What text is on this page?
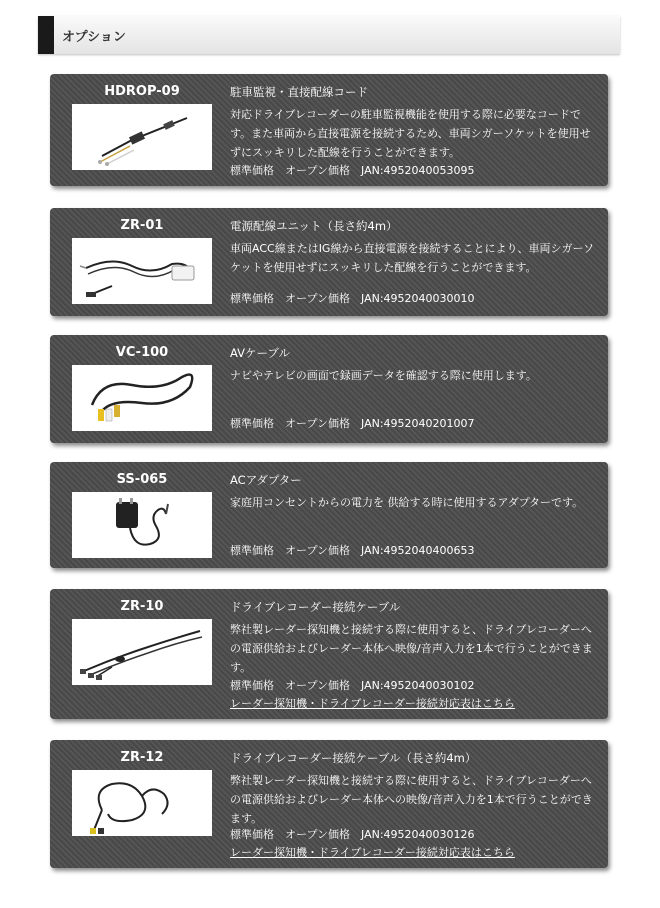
オプション
HDROP-09	駐車監視・直接配線コード
対応ドライブレコーダーの駐車監視機能を使用する際に必要なコードです。また車両から直接電源を接続するため、車両シガーソケットを使用せずにスッキリした配線を行うことができます。
標準価格　オープン価格　 JAN:4952040053095
ZR-01	電源配線ユニット（長さ約4m）
車両ACC線またはIG線から直接電源を接続することにより、車両シガーソケットを使用せずにスッキリした配線を行うことができます。
標準価格　オープン価格　 JAN:4952040030010
VC-100	AVケーブル
ナビやテレビの画面で録画データを確認する際に使用します。
標準価格　オープン価格　 JAN:4952040201007
SS-065	ACアダプター
家庭用コンセントからの電力を 供給する時に使用するアダプターです。
標準価格　オープン価格　 JAN:4952040400653
ZR-10	ドライブレコーダー接続ケーブル
弊社製レーダー探知機と接続する際に使用すると、ドライブレコーダーへの電源供給およびレーダー本体へ映像/音声入力を1本で行うことができます。
標準価格　オープン価格　 JAN:4952040030102
レーダー探知機・ドライブレコーダー接続対応表はこちら
ZR-12	ドライブレコーダー接続ケーブル（長さ約4m）
弊社製レーダー探知機と接続する際に使用すると、ドライブレコーダーへの電源供給およびレーダー本体への映像/音声入力を1本で行うことができます。
標準価格　オープン価格　 JAN:4952040030126
レーダー探知機・ドライブレコーダー接続対応表はこちら
